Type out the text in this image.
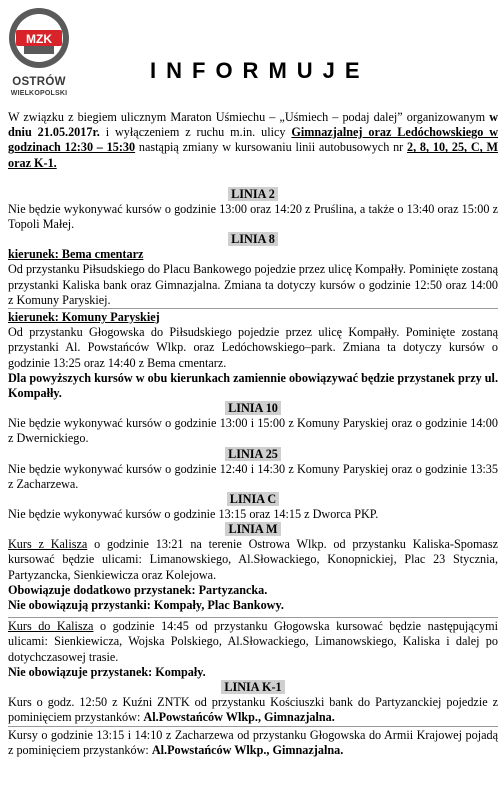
MZK
OSTRÓW
WIELKOPOLSKI
INFORMUJE

W związku z biegiem ulicznym Maraton Uśmiechu – „Uśmiech – podaj dalej” organizowanym w dniu 21.05.2017r. i wyłączeniem z ruchu m.in. ulicy Gimnazjalnej oraz Ledóchowskiego w godzinach 12:30 – 15:30 nastąpią zmiany w kursowaniu linii autobusowych nr 2, 8, 10, 25, C, M oraz K-1.

LINIA 2

Nie będzie wykonywać kursów o godzinie 13:00 oraz 14:20 z Pruślina, a także o 13:40 oraz 15:00 z Topoli Małej.

LINIA 8

kierunek: Bema cmentarz

Od przystanku Piłsudskiego do Placu Bankowego pojedzie przez ulicę Kompałły. Pominięte zostaną przystanki Kaliska bank oraz Gimnazjalna. Zmiana ta dotyczy kursów o godzinie 12:50 oraz 14:00 z Komuny Paryskiej.

kierunek: Komuny Paryskiej

Od przystanku Głogowska do Piłsudskiego pojedzie przez ulicę Kompałły. Pominięte zostaną przystanki Al. Powstańców Wlkp. oraz Ledóchowskiego–park. Zmiana ta dotyczy kursów o godzinie 13:25 oraz 14:40 z Bema cmentarz.

Dla powyższych kursów w obu kierunkach zamiennie obowiązywać będzie przystanek przy ul. Kompałły.

LINIA 10

Nie będzie wykonywać kursów o godzinie 13:00 i 15:00 z Komuny Paryskiej oraz o godzinie 14:00 z Dwernickiego.

LINIA 25

Nie będzie wykonywać kursów o godzinie 12:40 i 14:30 z Komuny Paryskiej oraz o godzinie 13:35 z Zacharzewa.

LINIA C

Nie będzie wykonywać kursów o godzinie 13:15 oraz 14:15 z Dworca PKP.

LINIA M

Kurs z Kalisza o godzinie 13:21 na terenie Ostrowa Wlkp. od przystanku Kaliska-Spomasz kursować będzie ulicami: Limanowskiego, Al.Słowackiego, Konopnickiej, Plac 23 Stycznia, Partyzancka, Sienkiewicza oraz Kolejowa.

Obowiązuje dodatkowo przystanek: Partyzancka.

Nie obowiązują przystanki: Kompały, Plac Bankowy.

Kurs do Kalisza o godzinie 14:45 od przystanku Głogowska kursować będzie następującymi ulicami: Sienkiewicza, Wojska Polskiego, Al.Słowackiego, Limanowskiego, Kaliska i dalej po dotychczasowej trasie.

Nie obowiązuje przystanek: Kompały.

LINIA K-1

Kurs o godz. 12:50 z Kuźni ZNTK od przystanku Kościuszki bank do Partyzanckiej pojedzie z pominięciem przystanków: Al.Powstańców Wlkp., Gimnazjalna.

Kursy o godzinie 13:15 i 14:10 z Zacharzewa od przystanku Głogowska do Armii Krajowej pojadą z pominięciem przystanków: Al.Powstańców Wlkp., Gimnazjalna.
